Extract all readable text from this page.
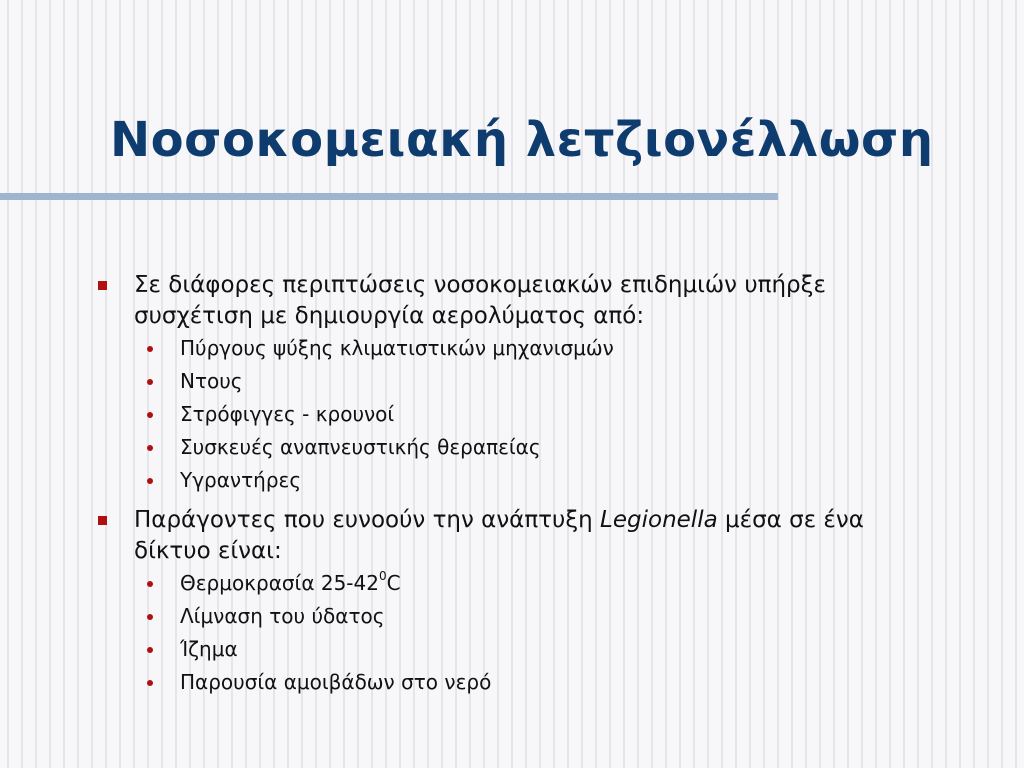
Νοσοκομειακή λετζιονέλλωση
Σε διάφορες περιπτώσεις νοσοκομειακών επιδημιών υπήρξε συσχέτιση με δημιουργία αερολύματος από:
Πύργους ψύξης κλιματιστικών μηχανισμών
Ντους
Στρόφιγγες - κρουνοί
Συσκευές αναπνευστικής θεραπείας
Υγραντήρες
Παράγοντες που ευνοούν την ανάπτυξη Legionella μέσα σε ένα δίκτυο είναι:
Θερμοκρασία $25-42^0C$
Λίμναση του ύδατος
Ίζημα
Παρουσία αμοιβάδων στο νερό
